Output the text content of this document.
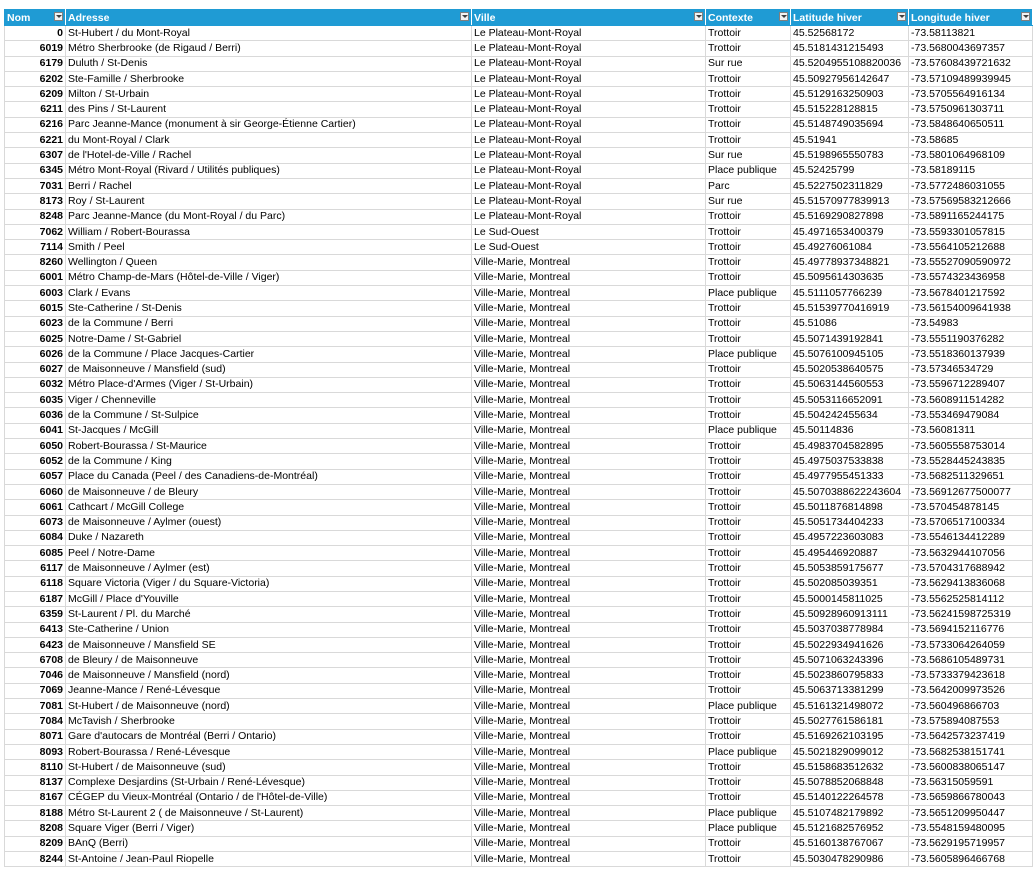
Nom	Adresse	Ville	Contexte	Latitude hiver	Longitude hiver

0	St-Hubert / du Mont-Royal	Le Plateau-Mont-Royal	Trottoir	45.52568172	-73.58113821
6019	Métro Sherbrooke (de Rigaud / Berri)	Le Plateau-Mont-Royal	Trottoir	45.5181431215493	-73.5680043697357
6179	Duluth / St-Denis	Le Plateau-Mont-Royal	Sur rue	45.5204955108820036	-73.57608439721632
6202	Ste-Famille / Sherbrooke	Le Plateau-Mont-Royal	Trottoir	45.50927956142647	-73.57109489939945
6209	Milton / St-Urbain	Le Plateau-Mont-Royal	Trottoir	45.5129163250903	-73.5705564916134
6211	des Pins / St-Laurent	Le Plateau-Mont-Royal	Trottoir	45.515228128815	-73.5750961303711
6216	Parc Jeanne-Mance (monument à sir George-Étienne Cartier)	Le Plateau-Mont-Royal	Trottoir	45.5148749035694	-73.5848640650511
6221	du Mont-Royal / Clark	Le Plateau-Mont-Royal	Trottoir	45.51941	-73.58685
6307	de l'Hotel-de-Ville / Rachel	Le Plateau-Mont-Royal	Sur rue	45.5198965550783	-73.5801064968109
6345	Métro Mont-Royal (Rivard / Utilités publiques)	Le Plateau-Mont-Royal	Place publique	45.52425799	-73.58189115
7031	Berri / Rachel	Le Plateau-Mont-Royal	Parc	45.5227502311829	-73.5772486031055
8173	Roy / St-Laurent	Le Plateau-Mont-Royal	Sur rue	45.51570977839913	-73.57569583212666
8248	Parc Jeanne-Mance (du Mont-Royal / du Parc)	Le Plateau-Mont-Royal	Trottoir	45.5169290827898	-73.5891165244175
7062	William / Robert-Bourassa	Le Sud-Ouest	Trottoir	45.4971653400379	-73.5593301057815
7114	Smith / Peel	Le Sud-Ouest	Trottoir	45.49276061084	-73.5564105212688
8260	Wellington / Queen	Ville-Marie, Montreal	Trottoir	45.49778937348821	-73.55527090590972
6001	Métro Champ-de-Mars (Hôtel-de-Ville / Viger)	Ville-Marie, Montreal	Trottoir	45.5095614303635	-73.5574323436958
6003	Clark / Evans	Ville-Marie, Montreal	Place publique	45.5111057766239	-73.5678401217592
6015	Ste-Catherine / St-Denis	Ville-Marie, Montreal	Trottoir	45.51539770416919	-73.56154009641938
6023	de la Commune / Berri	Ville-Marie, Montreal	Trottoir	45.51086	-73.54983
6025	Notre-Dame / St-Gabriel	Ville-Marie, Montreal	Trottoir	45.5071439192841	-73.5551190376282
6026	de la Commune / Place Jacques-Cartier	Ville-Marie, Montreal	Place publique	45.5076100945105	-73.5518360137939
6027	de Maisonneuve / Mansfield (sud)	Ville-Marie, Montreal	Trottoir	45.5020538640575	-73.57346534729
6032	Métro Place-d'Armes (Viger / St-Urbain)	Ville-Marie, Montreal	Trottoir	45.5063144560553	-73.5596712289407
6035	Viger / Chenneville	Ville-Marie, Montreal	Trottoir	45.5053116652091	-73.5608911514282
6036	de la Commune / St-Sulpice	Ville-Marie, Montreal	Trottoir	45.504242455634	-73.553469479084
6041	St-Jacques / McGill	Ville-Marie, Montreal	Place publique	45.50114836	-73.56081311
6050	Robert-Bourassa / St-Maurice	Ville-Marie, Montreal	Trottoir	45.4983704582895	-73.5605558753014
6052	de la Commune / King	Ville-Marie, Montreal	Trottoir	45.4975037533838	-73.5528445243835
6057	Place du Canada (Peel / des Canadiens-de-Montréal)	Ville-Marie, Montreal	Trottoir	45.4977955451333	-73.5682511329651
6060	de Maisonneuve / de Bleury	Ville-Marie, Montreal	Trottoir	45.5070388622243604	-73.56912677500077
6061	Cathcart / McGill College	Ville-Marie, Montreal	Trottoir	45.5011876814898	-73.570454878145
6073	de Maisonneuve / Aylmer (ouest)	Ville-Marie, Montreal	Trottoir	45.5051734404233	-73.5706517100334
6084	Duke / Nazareth	Ville-Marie, Montreal	Trottoir	45.4957223603083	-73.5546134412289
6085	Peel / Notre-Dame	Ville-Marie, Montreal	Trottoir	45.495446920887	-73.5632944107056
6117	de Maisonneuve / Aylmer (est)	Ville-Marie, Montreal	Trottoir	45.5053859175677	-73.5704317688942
6118	Square Victoria (Viger / du Square-Victoria)	Ville-Marie, Montreal	Trottoir	45.502085039351	-73.5629413836068
6187	McGill / Place d'Youville	Ville-Marie, Montreal	Trottoir	45.5000145811025	-73.5562525814112
6359	St-Laurent / Pl. du Marché	Ville-Marie, Montreal	Trottoir	45.50928960913111	-73.56241598725319
6413	Ste-Catherine / Union	Ville-Marie, Montreal	Trottoir	45.5037038778984	-73.5694152116776
6423	de Maisonneuve / Mansfield SE	Ville-Marie, Montreal	Trottoir	45.5022934941626	-73.5733064264059
6708	de Bleury / de Maisonneuve	Ville-Marie, Montreal	Trottoir	45.5071063243396	-73.5686105489731
7046	de Maisonneuve / Mansfield (nord)	Ville-Marie, Montreal	Trottoir	45.5023860795833	-73.5733379423618
7069	Jeanne-Mance / René-Lévesque	Ville-Marie, Montreal	Trottoir	45.5063713381299	-73.5642009973526
7081	St-Hubert / de Maisonneuve (nord)	Ville-Marie, Montreal	Place publique	45.5161321498072	-73.560496866703
7084	McTavish / Sherbrooke	Ville-Marie, Montreal	Trottoir	45.5027761586181	-73.575894087553
8071	Gare d'autocars de Montréal (Berri / Ontario)	Ville-Marie, Montreal	Trottoir	45.5169262103195	-73.5642573237419
8093	Robert-Bourassa / René-Lévesque	Ville-Marie, Montreal	Place publique	45.5021829099012	-73.5682538151741
8110	St-Hubert / de Maisonneuve (sud)	Ville-Marie, Montreal	Trottoir	45.5158683512632	-73.5600838065147
8137	Complexe Desjardins (St-Urbain / René-Lévesque)	Ville-Marie, Montreal	Trottoir	45.5078852068848	-73.56315059591
8167	CÉGEP du Vieux-Montréal (Ontario / de l'Hôtel-de-Ville)	Ville-Marie, Montreal	Trottoir	45.5140122264578	-73.5659866780043
8188	Métro St-Laurent 2 ( de Maisonneuve / St-Laurent)	Ville-Marie, Montreal	Place publique	45.5107482179892	-73.5651209950447
8208	Square Viger (Berri / Viger)	Ville-Marie, Montreal	Place publique	45.5121682576952	-73.5548159480095
8209	BAnQ (Berri)	Ville-Marie, Montreal	Trottoir	45.5160138767067	-73.5629195719957
8244	St-Antoine / Jean-Paul Riopelle	Ville-Marie, Montreal	Trottoir	45.5030478290986	-73.5605896466768
